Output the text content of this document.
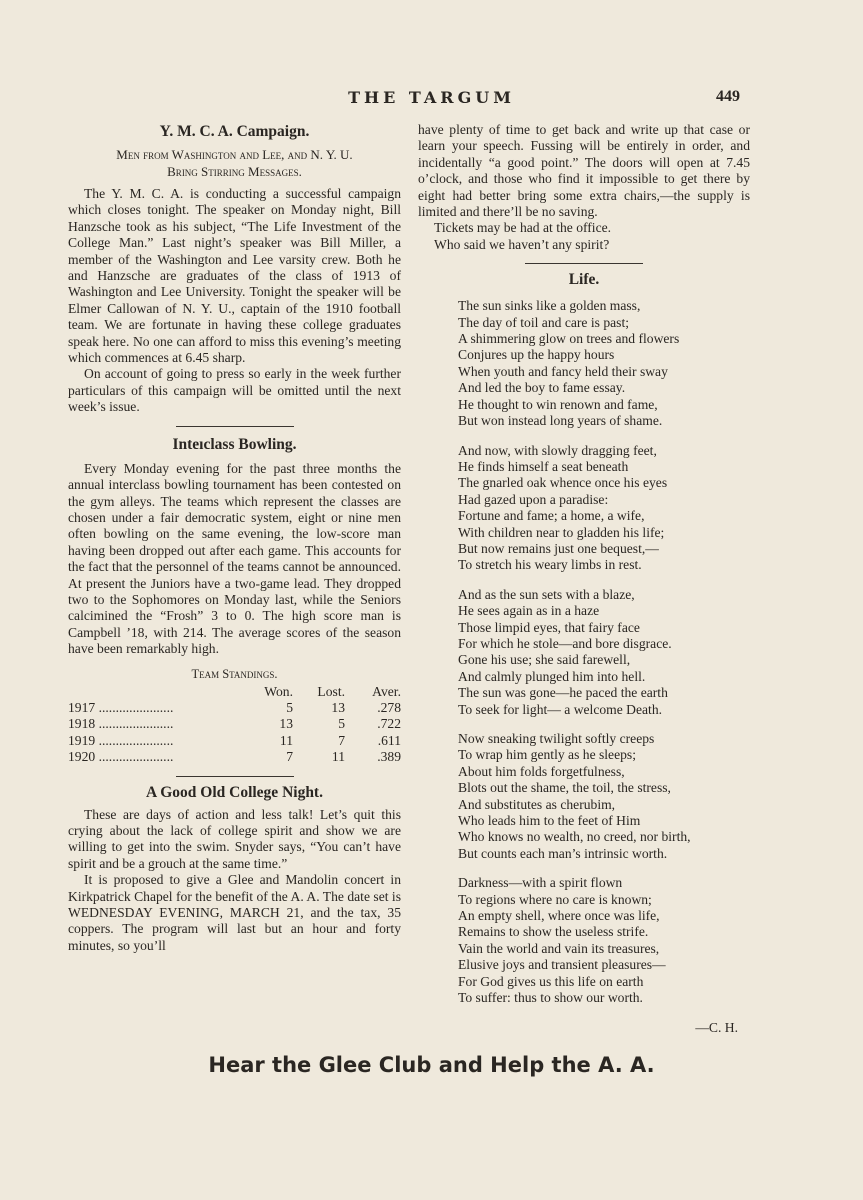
THE TARGUM	449
Y. M. C. A. Campaign.
Men from Washington and Lee, and N. Y. U.
Bring Stirring Messages.

The Y. M. C. A. is conducting a successful campaign which closes tonight. The speaker on Monday night, Bill Hanzsche took as his subject, “The Life Investment of the College Man.” Last night’s speaker was Bill Miller, a member of the Washington and Lee varsity crew. Both he and Hanzsche are graduates of the class of 1913 of Washington and Lee University. Tonight the speaker will be Elmer Callowan of N. Y. U., captain of the 1910 football team. We are fortunate in having these college graduates speak here. No one can afford to miss this evening’s meeting which commences at 6.45 sharp.

On account of going to press so early in the week further particulars of this campaign will be omitted until the next week’s issue.

Inteıclass Bowling.

Every Monday evening for the past three months the annual interclass bowling tournament has been contested on the gym alleys. The teams which represent the classes are chosen under a fair democratic system, eight or nine men often bowling on the same evening, the low-score man having been dropped out after each game. This accounts for the fact that the personnel of the teams cannot be announced. At present the Juniors have a two-game lead. They dropped two to the Sophomores on Monday last, while the Seniors calcimined the “Frosh” 3 to 0. The high score man is Campbell ’18, with 214. The average scores of the season have been remarkably high.

Team Standings.
	Won.	Lost.	Aver.
1917 ......................	5	13	.278
1918 ......................	13	5	.722
1919 ......................	11	7	.611
1920 ......................	7	11	.389
A Good Old College Night.

These are days of action and less talk! Let’s quit this crying about the lack of college spirit and show we are willing to get into the swim. Snyder says, “You can’t have spirit and be a grouch at the same time.”

It is proposed to give a Glee and Mandolin concert in Kirkpatrick Chapel for the benefit of the A. A. The date set is WEDNESDAY EVENING, MARCH 21, and the tax, 35 coppers. The program will last but an hour and forty minutes, so you’ll

have plenty of time to get back and write up that case or learn your speech. Fussing will be entirely in order, and incidentally “a good point.” The doors will open at 7.45 o’clock, and those who find it impossible to get there by eight had better bring some extra chairs,—the supply is limited and there’ll be no saving.

Tickets may be had at the office.

Who said we haven’t any spirit?

Life.
The sun sinks like a golden mass,
The day of toil and care is past;
A shimmering glow on trees and flowers
Conjures up the happy hours
When youth and fancy held their sway
And led the boy to fame essay.
He thought to win renown and fame,
But won instead long years of shame.
And now, with slowly dragging feet,
He finds himself a seat beneath
The gnarled oak whence once his eyes
Had gazed upon a paradise:
Fortune and fame; a home, a wife,
With children near to gladden his life;
But now remains just one bequest,—
To stretch his weary limbs in rest.
And as the sun sets with a blaze,
He sees again as in a haze
Those limpid eyes, that fairy face
For which he stole—and bore disgrace.
Gone his use; she said farewell,
And calmly plunged him into hell.
The sun was gone—he paced the earth
To seek for light— a welcome Death.
Now sneaking twilight softly creeps
To wrap him gently as he sleeps;
About him folds forgetfulness,
Blots out the shame, the toil, the stress,
And substitutes as cherubim,
Who leads him to the feet of Him
Who knows no wealth, no creed, nor birth,
But counts each man’s intrinsic worth.
Darkness—with a spirit flown
To regions where no care is known;
An empty shell, where once was life,
Remains to show the useless strife.
Vain the world and vain its treasures,
Elusive joys and transient pleasures—
For God gives us this life on earth
To suffer: thus to show our worth.
—C. H.
Hear the Glee Club and Help the A. A.
